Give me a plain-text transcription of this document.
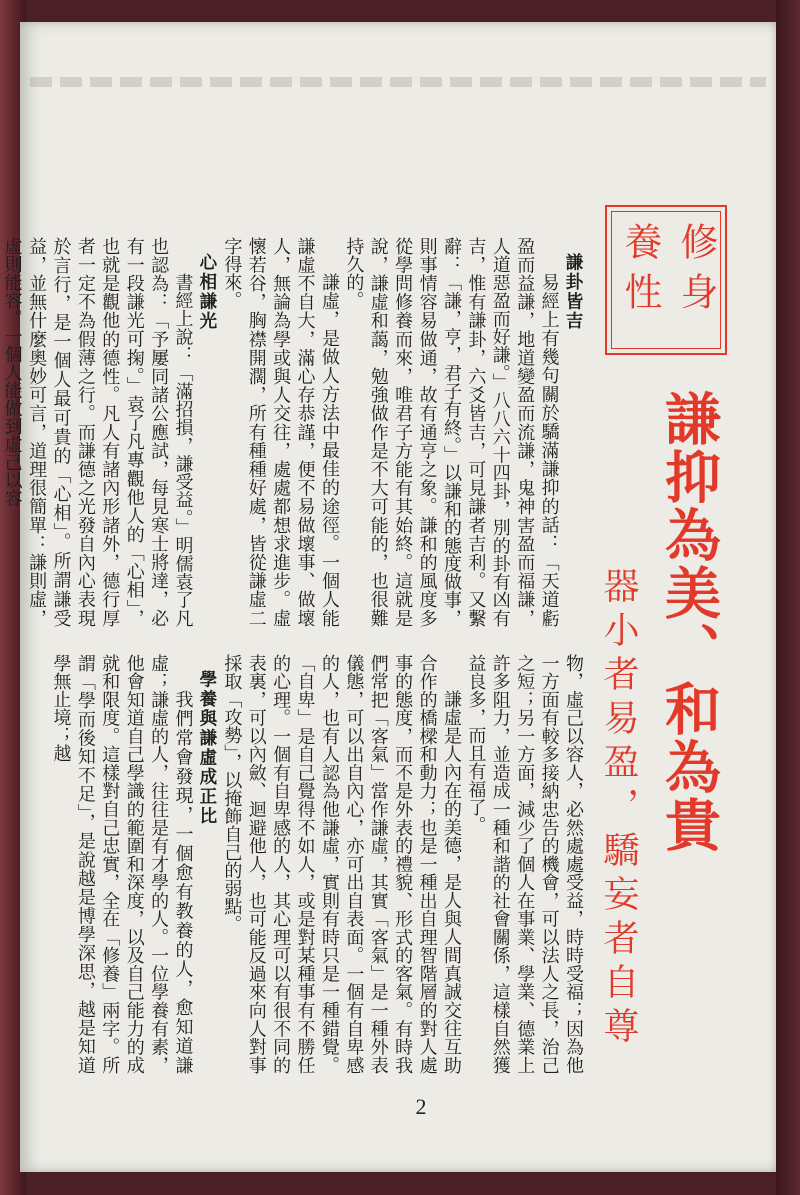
修身
養性
謙抑為美、和為貴
器小者易盈，驕妄者自尊
謙卦皆吉
易經上有幾句關於驕滿謙抑的話：「天道虧盈而益謙，地道變盈而流謙，鬼神害盈而福謙，人道惡盈而好謙。」八八六十四卦，別的卦有凶有吉，惟有謙卦，六爻皆吉，可見謙者吉利。又繫辭：「謙，亨，君子有終。」以謙和的態度做事，則事情容易做通，故有通亨之象。謙和的風度多從學問修養而來，唯君子方能有其始終。這就是說，謙虛和藹，勉強做作是不大可能的，也很難持久的。
謙虛，是做人方法中最佳的途徑。一個人能謙虛不自大，滿心存恭謹，便不易做壞事、做壞人，無論為學或與人交往，處處都想求進步。虛懷若谷，胸襟開濶，所有種種好處，皆從謙虛二字得來。
心相謙光
書經上說：「滿招損，謙受益。」明儒袁了凡也認為：「予屢同諸公應試，每見寒士將達，必有一段謙光可掬。」袁了凡專觀他人的「心相」，也就是觀他的德性。凡人有諸內形諸外，德行厚者一定不為假薄之行。而謙德之光發自內心表現於言行，是一個人最可貴的「心相」。所謂謙受益，並無什麼奧妙可言，道理很簡單：謙則虛，虛則能容。一個人能做到虛己以容
物，虛己以容人，必然處處受益，時時受福；因為他一方面有較多接納忠告的機會，可以法人之長，治己之短；另一方面，減少了個人在事業、學業、德業上許多阻力，並造成一種和諧的社會關係，這樣自然獲益良多，而且有福了。
謙虛是人內在的美德，是人與人間真誠交往互助合作的橋樑和動力；也是一種出自理智階層的對人處事的態度，而不是外表的禮貌、形式的客氣。有時我們常把「客氣」當作謙虛，其實「客氣」是一種外表儀態，可以出自內心，亦可出自表面。一個有自卑感的人，也有人認為他謙虛，實則有時只是一種錯覺。「自卑」是自己覺得不如人，或是對某種事有不勝任的心理。一個有自卑感的人，其心理可以有很不同的表裏，可以內斂、迴避他人，也可能反過來向人對事採取「攻勢」，以掩飾自己的弱點。
學養與謙虛成正比
我們常會發現，一個愈有教養的人，愈知道謙虛；謙虛的人，往往是有才學的人。一位學養有素，他會知道自己學識的範圍和深度，以及自己能力的成就和限度。這樣對自己忠實，全在「修養」兩字。所謂「學而後知不足」，是說越是博學深思，越是知道學無止境；越
2
